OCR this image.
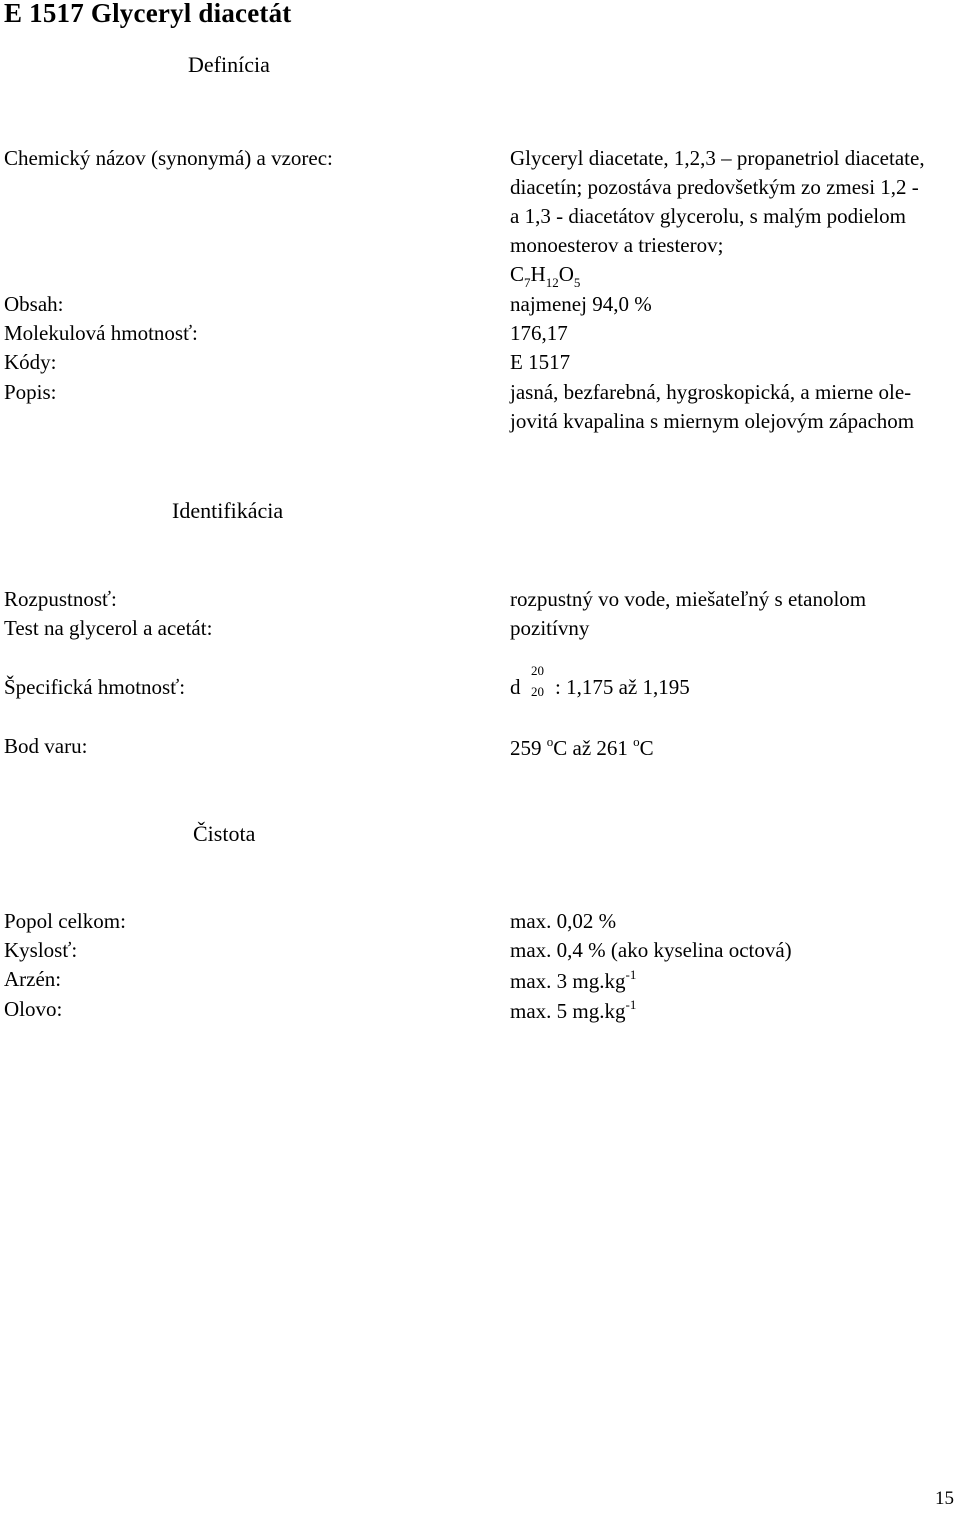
E 1517 Glyceryl diacetát
Definícia
Chemický názov (synonymá) a vzorec:	Glyceryl diacetate, 1,2,3 – propanetriol diacetate,
diacetín; pozostáva predovšetkým zo zmesi 1,2 -
a 1,3 - diacetátov glycerolu, s malým podielom
monoesterov a triesterov;
$C_7H_{12}O_5$
Obsah:	najmenej 94,0 %
Molekulová hmotnosť:	176,17
Kódy:	E 1517
Popis:	jasná, bezfarebná, hygroskopická, a mierne ole-
jovitá kvapalina s miernym olejovým zápachom
Identifikácia
Rozpustnosť:	rozpustný vo vode, miešateľný s etanolom
Test na glycerol a acetát:	pozitívny
Špecifická hmotnosť:	d
20
20 : 1,175 až 1,195
Bod varu:	259 $^o$C až 261 $^o$C
Čistota
Popol celkom:	max. 0,02 %
Kyslosť:	max. 0,4 % (ako kyselina octová)
Arzén:	max. 3 $mg.kg^{-1}$
Olovo:	max. 5 $mg.kg^{-1}$
15
